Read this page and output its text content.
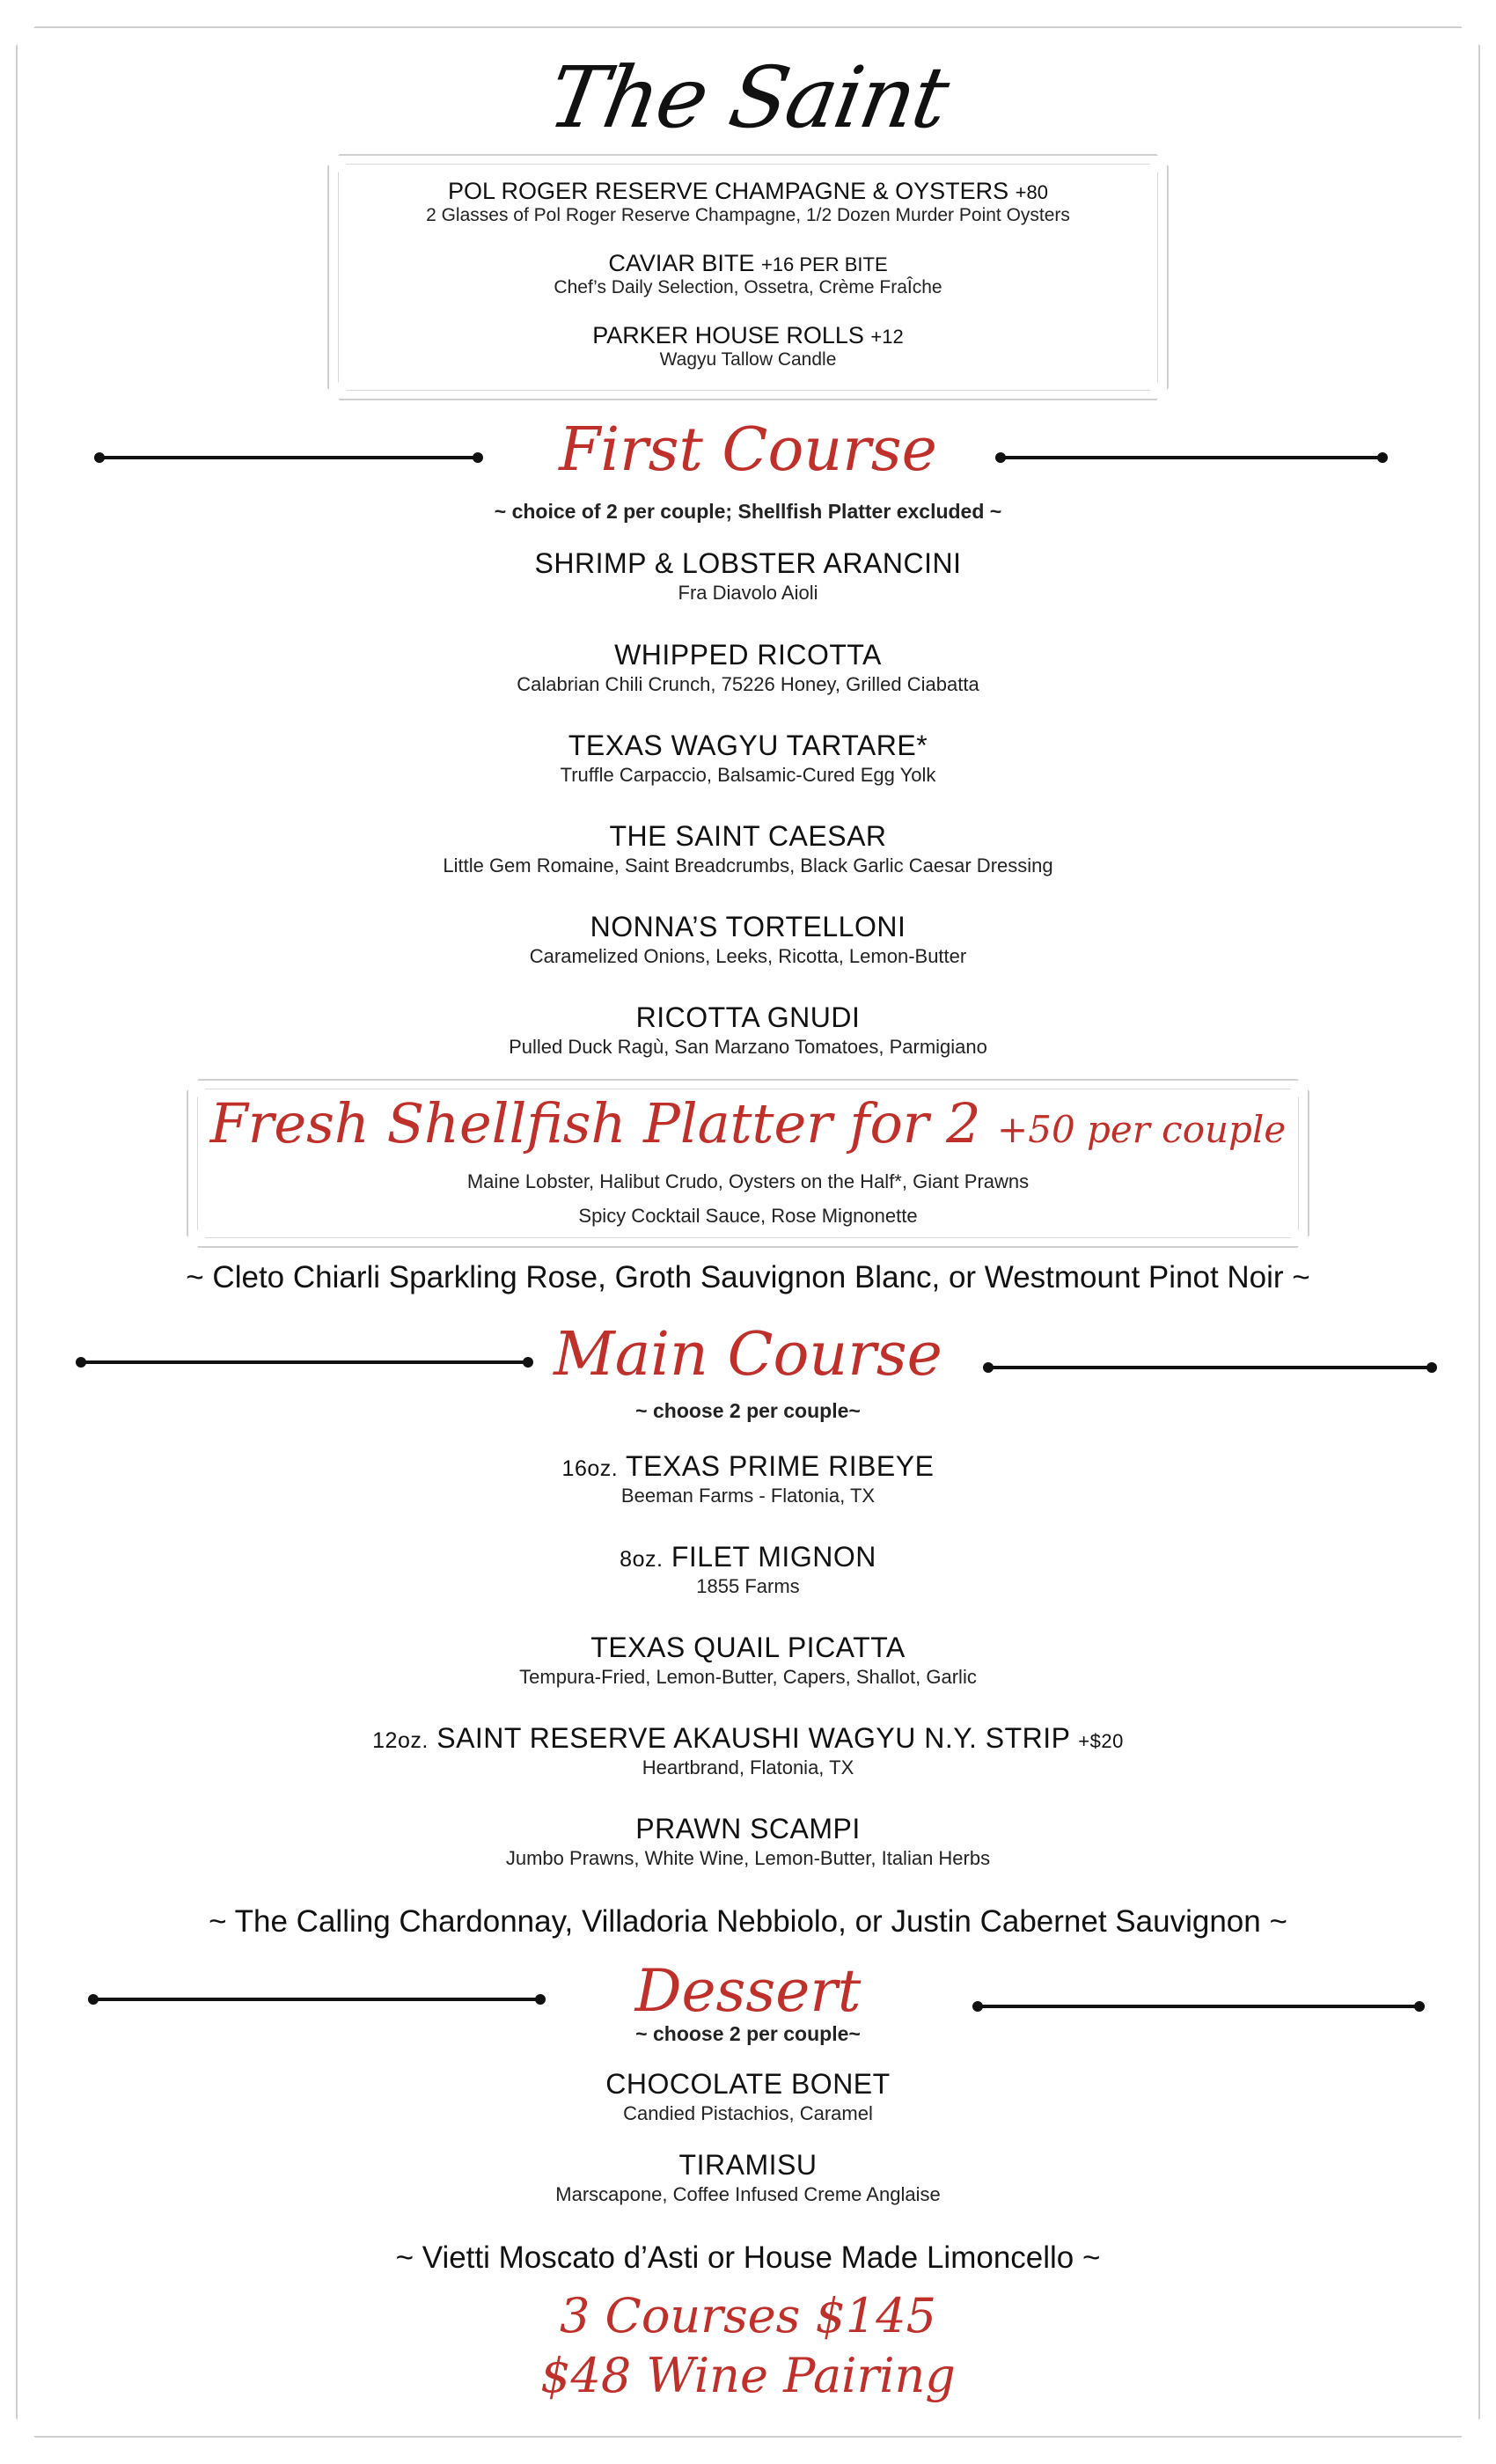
The Saint
POL ROGER RESERVE CHAMPAGNE & OYSTERS +80
2 Glasses of Pol Roger Reserve Champagne, 1/2 Dozen Murder Point Oysters
CAVIAR BITE +16 PER BITE
Chef’s Daily Selection, Ossetra, Crème FraÎche
PARKER HOUSE ROLLS +12
Wagyu Tallow Candle
First Course
~ choice of 2 per couple; Shellfish Platter excluded ~
SHRIMP & LOBSTER ARANCINI
Fra Diavolo Aioli
WHIPPED RICOTTA
Calabrian Chili Crunch, 75226 Honey, Grilled Ciabatta
TEXAS WAGYU TARTARE*
Truffle Carpaccio, Balsamic-Cured Egg Yolk
THE SAINT CAESAR
Little Gem Romaine, Saint Breadcrumbs, Black Garlic Caesar Dressing
NONNA’S TORTELLONI
Caramelized Onions, Leeks, Ricotta, Lemon-Butter
RICOTTA GNUDI
Pulled Duck Ragù, San Marzano Tomatoes, Parmigiano
Fresh Shellfish Platter for 2 +50 per couple
Maine Lobster, Halibut Crudo, Oysters on the Half*, Giant Prawns
Spicy Cocktail Sauce, Rose Mignonette
~ Cleto Chiarli Sparkling Rose, Groth Sauvignon Blanc, or Westmount Pinot Noir ~
Main Course
~ choose 2 per couple~
16oz. TEXAS PRIME RIBEYE
Beeman Farms - Flatonia, TX
8oz. FILET MIGNON
1855 Farms
TEXAS QUAIL PICATTA
Tempura-Fried, Lemon-Butter, Capers, Shallot, Garlic
12oz. SAINT RESERVE AKAUSHI WAGYU N.Y. STRIP +$20
Heartbrand, Flatonia, TX
PRAWN SCAMPI
Jumbo Prawns, White Wine, Lemon-Butter, Italian Herbs
~ The Calling Chardonnay, Villadoria Nebbiolo, or Justin Cabernet Sauvignon ~
Dessert
~ choose 2 per couple~
CHOCOLATE BONET
Candied Pistachios, Caramel
TIRAMISU
Marscapone, Coffee Infused Creme Anglaise
~ Vietti Moscato d’Asti or House Made Limoncello ~
3 Courses $145
$48 Wine Pairing
